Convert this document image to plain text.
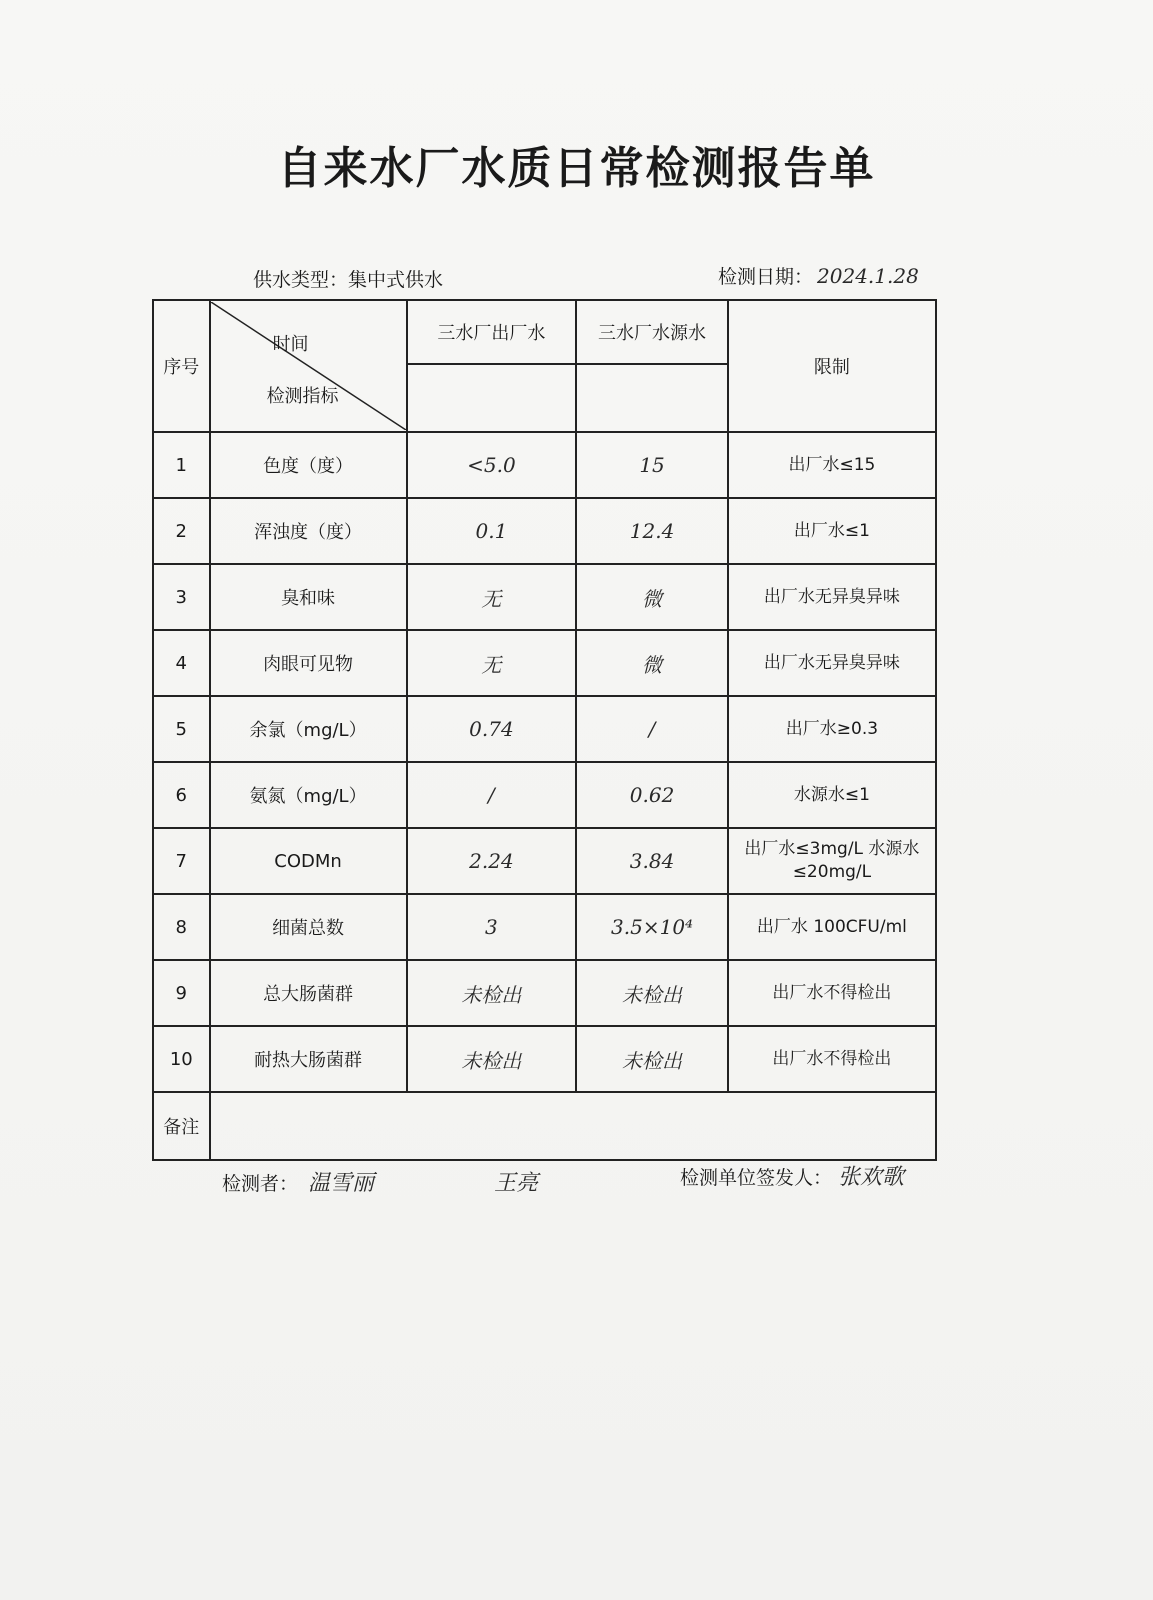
自来水厂水质日常检测报告单
供水类型：集中式供水	检测日期： 2024.1.28
序号	时间
检测指标	三水厂出厂水	三水厂水源水	限制

1	色度（度）	<5.0	15	出厂水≤15
2	浑浊度（度）	0.1	12.4	出厂水≤1
3	臭和味	无	微	出厂水无异臭异味
4	肉眼可见物	无	微	出厂水无异臭异味
5	余氯（mg/L）	0.74	/	出厂水≥0.3
6	氨氮（mg/L）	/	0.62	水源水≤1
7	CODMn	2.24	3.84	出厂水≤3mg/L 水源水≤20mg/L
8	细菌总数	3	3.5×10⁴	出厂水 100CFU/ml
9	总大肠菌群	未检出	未检出	出厂水不得检出
10	耐热大肠菌群	未检出	未检出	出厂水不得检出
备注				
检测者： 温雪丽	王亮	检测单位签发人： 张欢歌
